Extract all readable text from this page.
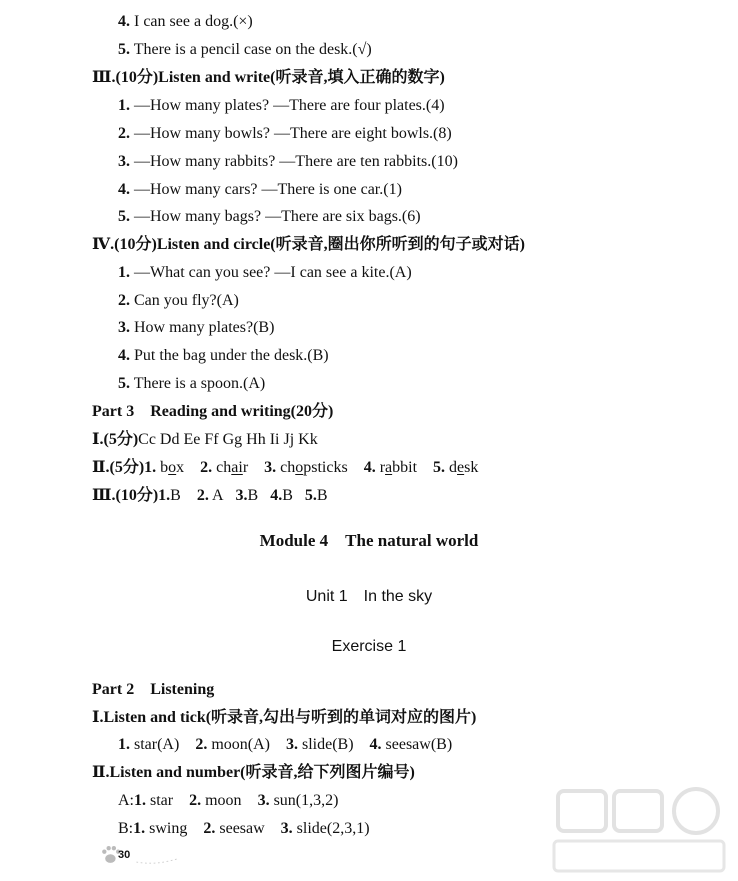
4. I can see a dog.(×)
5. There is a pencil case on the desk.(√)
Ⅲ.(10分)Listen and write(听录音,填入正确的数字)
1. —How many plates? —There are four plates.(4)
2. —How many bowls? —There are eight bowls.(8)
3. —How many rabbits? —There are ten rabbits.(10)
4. —How many cars? —There is one car.(1)
5. —How many bags? —There are six bags.(6)
Ⅳ.(10分)Listen and circle(听录音,圈出你所听到的句子或对话)
1. —What can you see? —I can see a kite.(A)
2. Can you fly?(A)
3. How many plates?(B)
4. Put the bag under the desk.(B)
5. There is a spoon.(A)
Part 3　Reading and writing(20分)
Ⅰ.(5分)Cc Dd Ee Ff Gg Hh Ii Jj Kk
Ⅱ.(5分)1. box 2. chair 3. chopsticks 4. rabbit 5. desk
Ⅲ.(10分)1.B 2. A 3.B 4.B 5.B
Module 4　The natural world
Unit 1　In the sky
Exercise 1
Part 2　Listening
Ⅰ.Listen and tick(听录音,勾出与听到的单词对应的图片)
1. star(A) 2. moon(A) 3. slide(B) 4. seesaw(B)
Ⅱ.Listen and number(听录音,给下列图片编号)
A:1. star 2. moon 3. sun(1,3,2)
B:1. swing 2. seesaw 3. slide(2,3,1)
30
